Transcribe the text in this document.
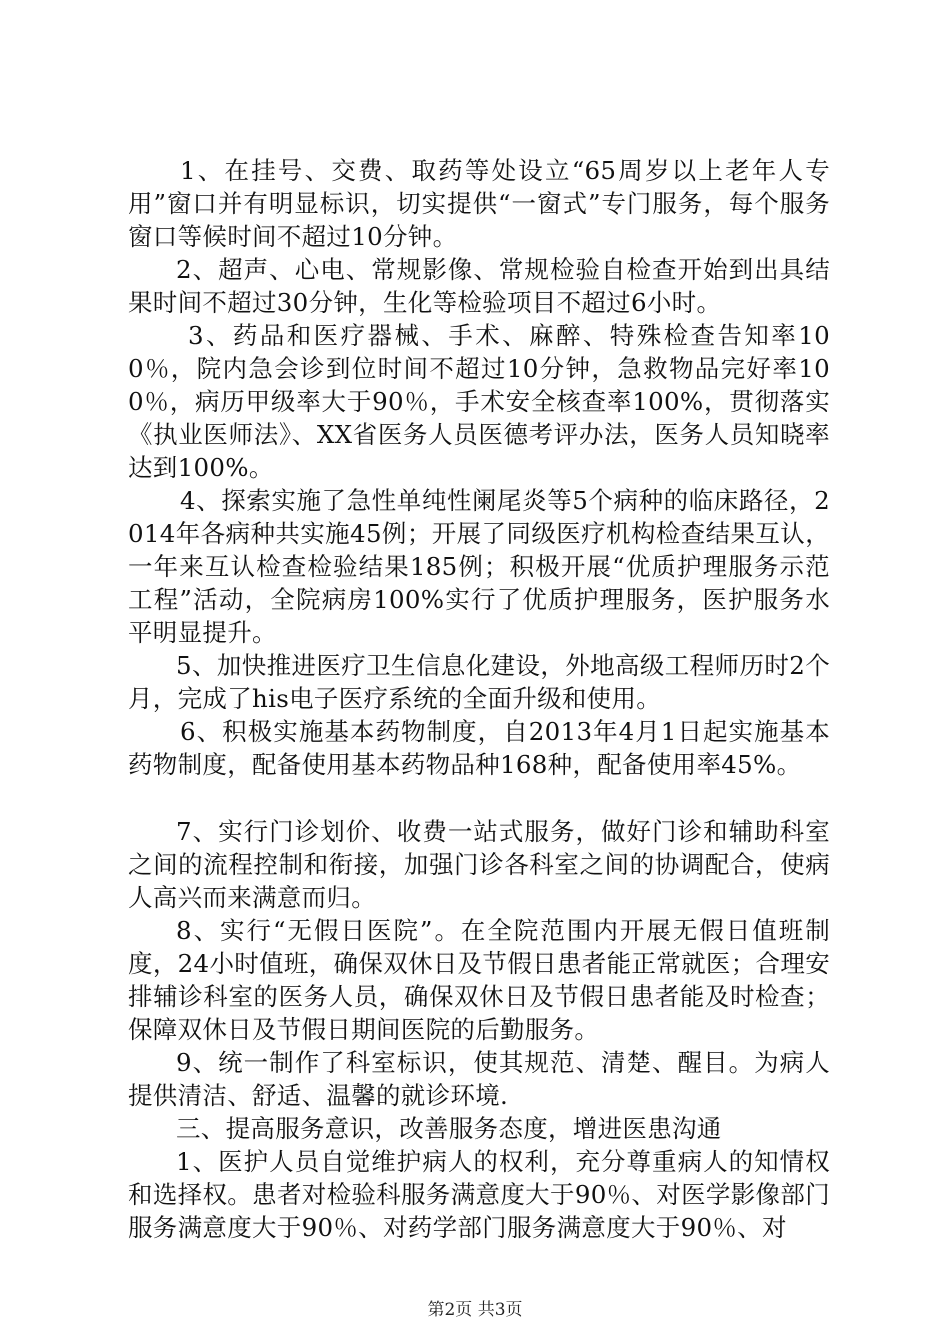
1、在挂号、交费、取药等处设立“65周岁以上老年人专用”窗口并有明显标识，切实提供“一窗式”专门服务，每个服务窗口等候时间不超过10分钟。

2、超声、心电、常规影像、常规检验自检查开始到出具结果时间不超过30分钟，生化等检验项目不超过6小时。

3、药品和医疗器械、手术、麻醉、特殊检查告知率100％，院内急会诊到位时间不超过10分钟，急救物品完好率100％，病历甲级率大于90％，手术安全核查率100%，贯彻落实《执业医师法》、XX省医务人员医德考评办法，医务人员知晓率达到100%。

4、探索实施了急性单纯性阑尾炎等5个病种的临床路径，2014年各病种共实施45例；开展了同级医疗机构检查结果互认，一年来互认检查检验结果185例；积极开展“优质护理服务示范工程”活动，全院病房100%实行了优质护理服务，医护服务水平明显提升。

5、加快推进医疗卫生信息化建设，外地高级工程师历时2个月，完成了his电子医疗系统的全面升级和使用。

6、积极实施基本药物制度，自2013年4月1日起实施基本药物制度，配备使用基本药物品种168种，配备使用率45%。

7、实行门诊划价、收费一站式服务，做好门诊和辅助科室之间的流程控制和衔接，加强门诊各科室之间的协调配合，使病人高兴而来满意而归。

8、实行“无假日医院”。在全院范围内开展无假日值班制度，24小时值班，确保双休日及节假日患者能正常就医；合理安排辅诊科室的医务人员，确保双休日及节假日患者能及时检查；保障双休日及节假日期间医院的后勤服务。

9、统一制作了科室标识，使其规范、清楚、醒目。为病人提供清洁、舒适、温馨的就诊环境.

三、提高服务意识，改善服务态度，增进医患沟通

1、医护人员自觉维护病人的权利，充分尊重病人的知情权和选择权。患者对检验科服务满意度大于90％、对医学影像部门服务满意度大于90％、对药学部门服务满意度大于90％、对

第2页 共3页
